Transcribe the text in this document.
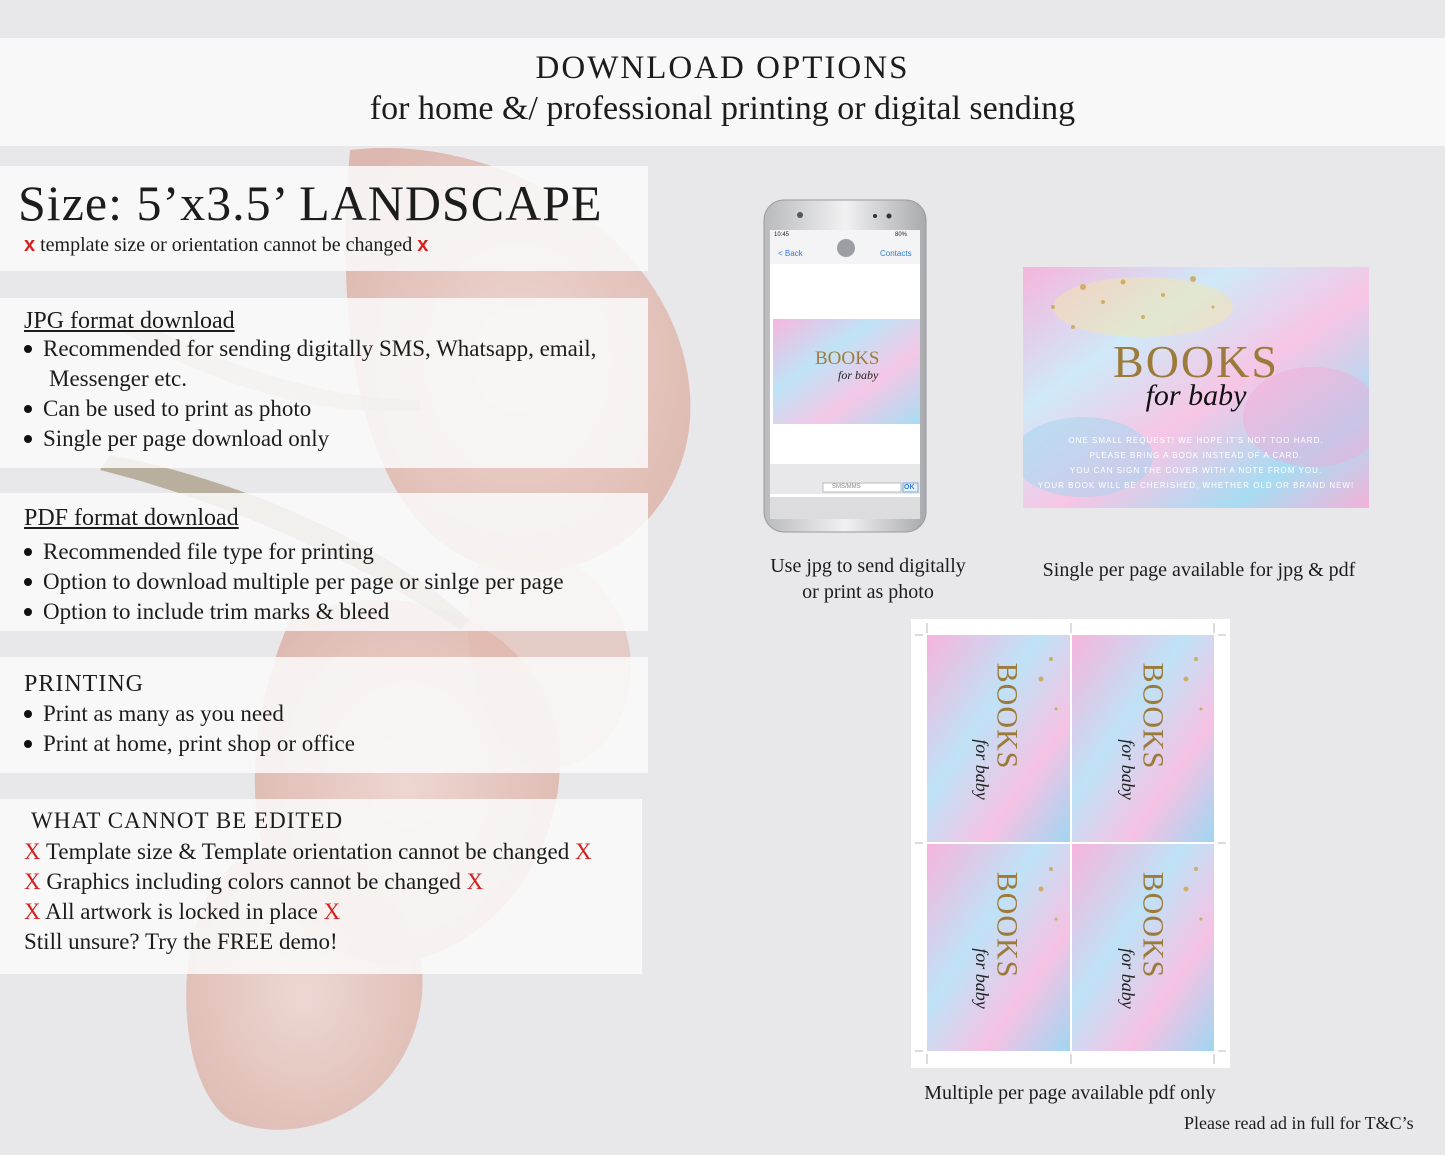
DOWNLOAD OPTIONS
for home &/ professional printing or digital sending
Size: 5’x3.5’ LANDSCAPE
x template size or orientation cannot be changed x
JPG format download
Recommended for sending digitally SMS, Whatsapp, email,
Messenger etc.
Can be used to print as photo
Single per page download only
PDF format download
Recommended file type for printing
Option to download multiple per page or sinlge per page
Option to include trim marks & bleed
PRINTING
Print as many as you need
Print at home, print shop or office
WHAT CANNOT BE EDITED
X Template size & Template orientation cannot be changed X
X Graphics including colors cannot be changed X
X All artwork is locked in place X
Still unsure? Try the FREE demo!
10:45	80%
< Back	Contacts
BOOKS
for baby
SMS/MMS	OK
BOOKS
for baby
ONE SMALL REQUEST! WE HOPE IT'S NOT TOO HARD.
PLEASE BRING A BOOK INSTEAD OF A CARD.
YOU CAN SIGN THE COVER WITH A NOTE FROM YOU.
YOUR BOOK WILL BE CHERISHED, WHETHER OLD OR BRAND NEW!
Use jpg to send digitally
or print as photo
Single per page available for jpg & pdf
BOOKS	BOOKS
BOOKS	BOOKS
for baby	for baby
for baby	for baby
Multiple per page available pdf only
Please read ad in full for T&C’s
